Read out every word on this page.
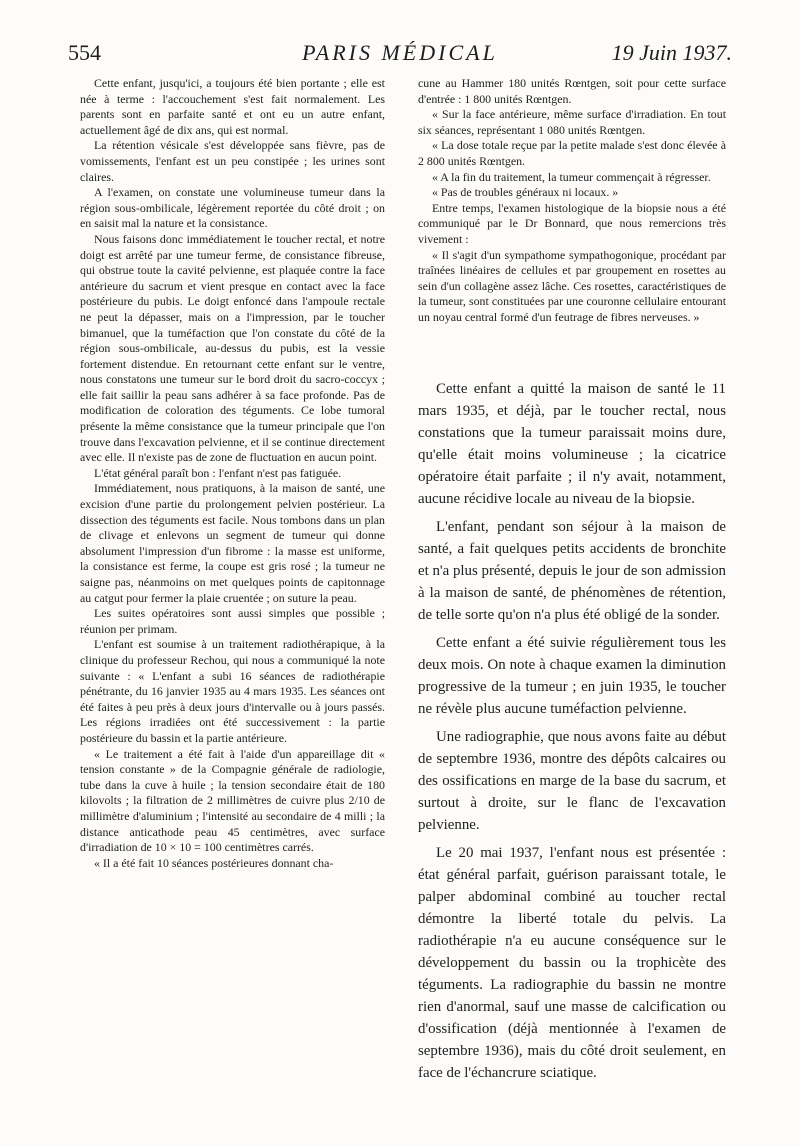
554	PARIS MÉDICAL	19 Juin 1937.

Cette enfant, jusqu'ici, a toujours été bien portante ; elle est née à terme : l'accouchement s'est fait normalement. Les parents sont en parfaite santé et ont eu un autre enfant, actuellement âgé de dix ans, qui est normal.

La rétention vésicale s'est développée sans fièvre, pas de vomissements, l'enfant est un peu constipée ; les urines sont claires.

A l'examen, on constate une volumineuse tumeur dans la région sous-ombilicale, légèrement reportée du côté droit ; on en saisit mal la nature et la consistance.

Nous faisons donc immédiatement le toucher rectal, et notre doigt est arrêté par une tumeur ferme, de consistance fibreuse, qui obstrue toute la cavité pelvienne, est plaquée contre la face antérieure du sacrum et vient presque en contact avec la face postérieure du pubis. Le doigt enfoncé dans l'ampoule rectale ne peut la dépasser, mais on a l'impression, par le toucher bimanuel, que la tuméfaction que l'on constate du côté de la région sous-ombilicale, au-dessus du pubis, est la vessie fortement distendue. En retournant cette enfant sur le ventre, nous constatons une tumeur sur le bord droit du sacro-coccyx ; elle fait saillir la peau sans adhérer à sa face profonde. Pas de modification de coloration des téguments. Ce lobe tumoral présente la même consistance que la tumeur principale que l'on trouve dans l'excavation pelvienne, et il se continue directement avec elle. Il n'existe pas de zone de fluctuation en aucun point.

L'état général paraît bon : l'enfant n'est pas fatiguée.

Immédiatement, nous pratiquons, à la maison de santé, une excision d'une partie du prolongement pelvien postérieur. La dissection des téguments est facile. Nous tombons dans un plan de clivage et enlevons un segment de tumeur qui donne absolument l'impression d'un fibrome : la masse est uniforme, la consistance est ferme, la coupe est gris rosé ; la tumeur ne saigne pas, néanmoins on met quelques points de capitonnage au catgut pour fermer la plaie cruentée ; on suture la peau.

Les suites opératoires sont aussi simples que possible ; réunion per primam.

L'enfant est soumise à un traitement radiothérapique, à la clinique du professeur Rechou, qui nous a communiqué la note suivante : « L'enfant a subi 16 séances de radiothérapie pénétrante, du 16 janvier 1935 au 4 mars 1935. Les séances ont été faites à peu près à deux jours d'intervalle ou à jours passés. Les régions irradiées ont été successivement : la partie postérieure du bassin et la partie antérieure.

« Le traitement a été fait à l'aide d'un appareillage dit « tension constante » de la Compagnie générale de radiologie, tube dans la cuve à huile ; la tension secondaire était de 180 kilovolts ; la filtration de 2 millimètres de cuivre plus 2/10 de millimètre d'aluminium ; l'intensité au secondaire de 4 milli ; la distance anticathode peau 45 centimètres, avec surface d'irradiation de 10 × 10 = 100 centimètres carrés.

« Il a été fait 10 séances postérieures donnant cha-

cune au Hammer 180 unités Rœntgen, soit pour cette surface d'entrée : 1 800 unités Rœntgen.

« Sur la face antérieure, même surface d'irradiation. En tout six séances, représentant 1 080 unités Rœntgen.

« La dose totale reçue par la petite malade s'est donc élevée à 2 800 unités Rœntgen.

« A la fin du traitement, la tumeur commençait à régresser.

« Pas de troubles généraux ni locaux. »

Entre temps, l'examen histologique de la biopsie nous a été communiqué par le Dr Bonnard, que nous remercions très vivement :

« Il s'agit d'un sympathome sympathogonique, procédant par traînées linéaires de cellules et par groupement en rosettes au sein d'un collagène assez lâche. Ces rosettes, caractéristiques de la tumeur, sont constituées par une couronne cellulaire entourant un noyau central formé d'un feutrage de fibres nerveuses. »

Cette enfant a quitté la maison de santé le 11 mars 1935, et déjà, par le toucher rectal, nous constations que la tumeur paraissait moins dure, qu'elle était moins volumineuse ; la cicatrice opératoire était parfaite ; il n'y avait, notamment, aucune récidive locale au niveau de la biopsie.

L'enfant, pendant son séjour à la maison de santé, a fait quelques petits accidents de bronchite et n'a plus présenté, depuis le jour de son admission à la maison de santé, de phénomènes de rétention, de telle sorte qu'on n'a plus été obligé de la sonder.

Cette enfant a été suivie régulièrement tous les deux mois. On note à chaque examen la diminution progressive de la tumeur ; en juin 1935, le toucher ne révèle plus aucune tuméfaction pelvienne.

Une radiographie, que nous avons faite au début de septembre 1936, montre des dépôts calcaires ou des ossifications en marge de la base du sacrum, et surtout à droite, sur le flanc de l'excavation pelvienne.

Le 20 mai 1937, l'enfant nous est présentée : état général parfait, guérison paraissant totale, le palper abdominal combiné au toucher rectal démontre la liberté totale du pelvis. La radiothérapie n'a eu aucune conséquence sur le développement du bassin ou la trophicète des téguments. La radiographie du bassin ne montre rien d'anormal, sauf une masse de calcification ou d'ossification (déjà mentionnée à l'examen de septembre 1936), mais du côté droit seulement, en face de l'échancrure sciatique.
